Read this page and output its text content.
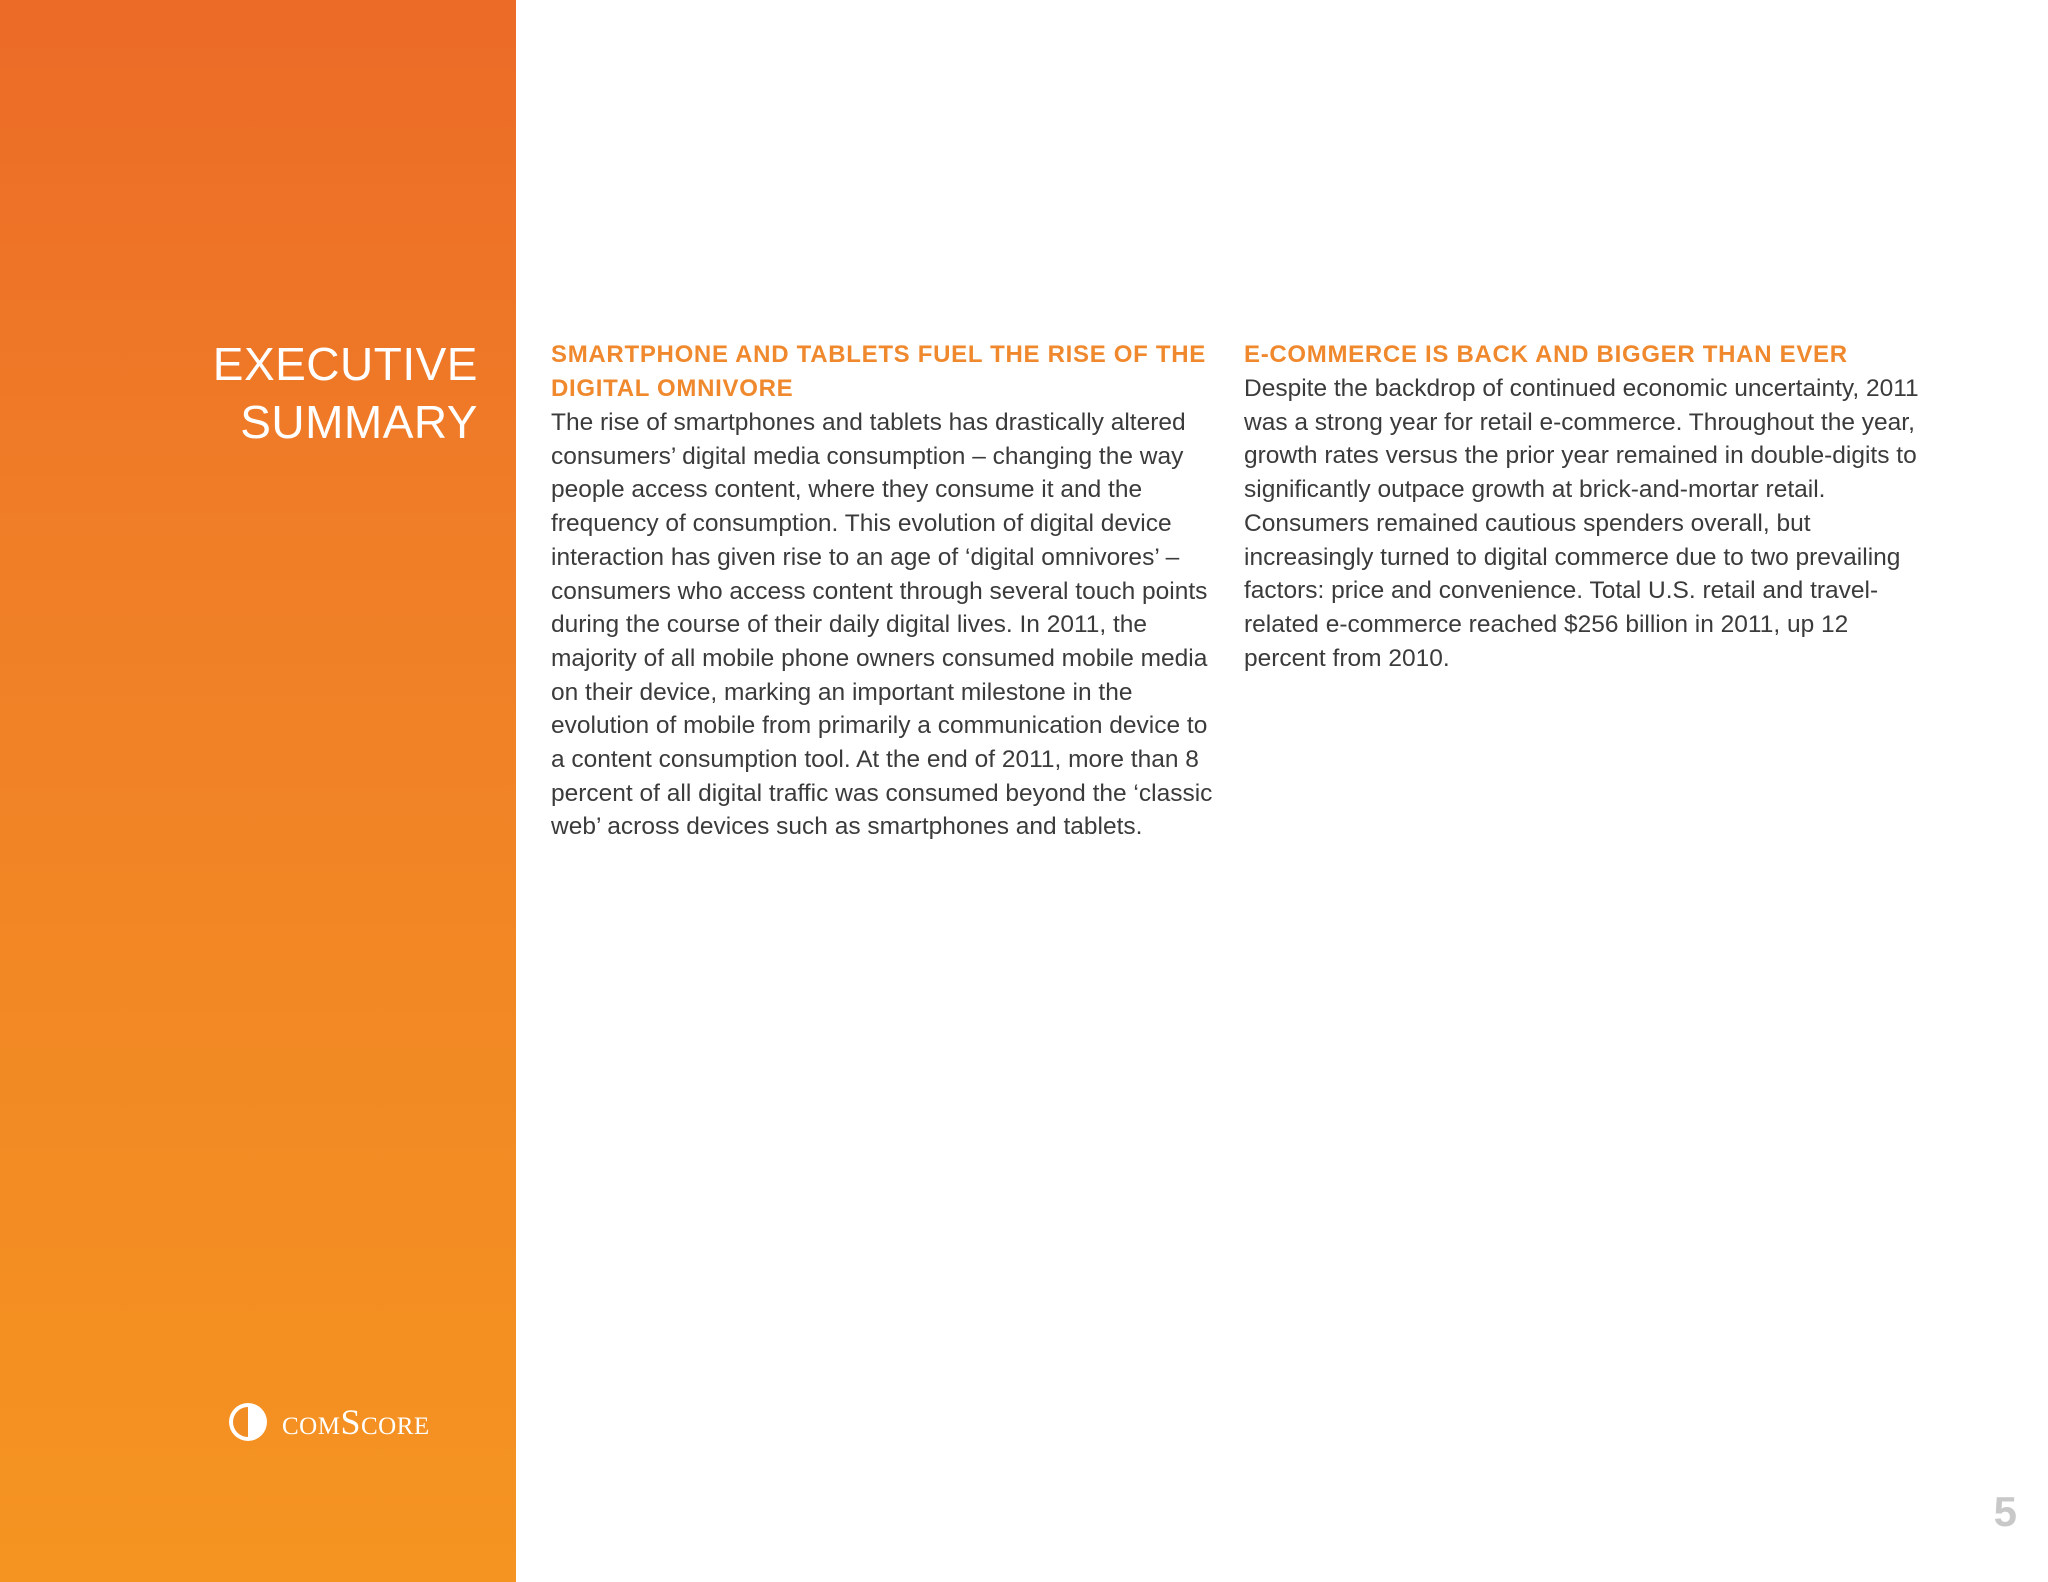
EXECUTIVE
SUMMARY
comScore
SMARTPHONE AND TABLETS FUEL THE RISE OF THE DIGITAL OMNIVORE

The rise of smartphones and tablets has drastically altered consumers’ digital media consumption – changing the way people access content, where they consume it and the frequency of consumption. This evolution of digital device interaction has given rise to an age of ‘digital omnivores’ – consumers who access content through several touch points during the course of their daily digital lives. In 2011, the majority of all mobile phone owners consumed mobile media on their device, marking an important milestone in the evolution of mobile from primarily a communication device to a content consumption tool. At the end of 2011, more than 8 percent of all digital traffic was consumed beyond the ‘classic web’ across devices such as smartphones and tablets.

E-COMMERCE IS BACK AND BIGGER THAN EVER

Despite the backdrop of continued economic uncertainty, 2011 was a strong year for retail e-commerce. Throughout the year, growth rates versus the prior year remained in double-digits to significantly outpace growth at brick-and-mortar retail. Consumers remained cautious spenders overall, but increasingly turned to digital commerce due to two prevailing factors: price and convenience. Total U.S. retail and travel-related e-commerce reached $256 billion in 2011, up 12 percent from 2010.

5
